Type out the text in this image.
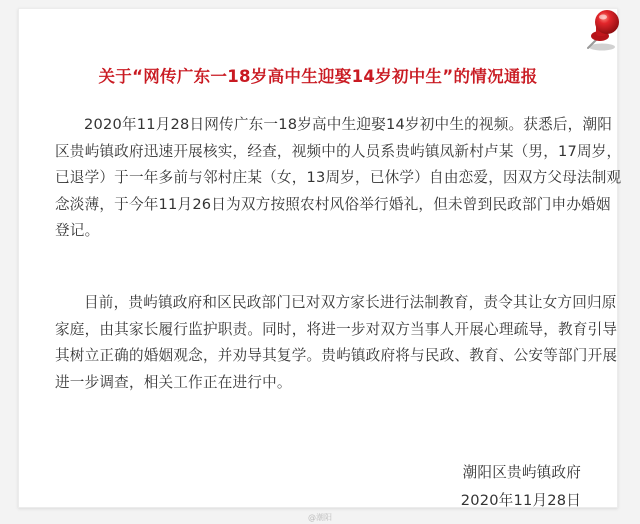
关于“网传广东一18岁高中生迎娶14岁初中生”的情况通报

2020年11月28日网传广东一18岁高中生迎娶14岁初中生的视频。获悉后，潮阳区贵屿镇政府迅速开展核实，经查，视频中的人员系贵屿镇凤新村卢某（男，17周岁，已退学）于一年多前与邻村庄某（女，13周岁，已休学）自由恋爱，因双方父母法制观念淡薄，于今年11月26日为双方按照农村风俗举行婚礼，但未曾到民政部门申办婚姻登记。

目前，贵屿镇政府和区民政部门已对双方家长进行法制教育，责令其让女方回归原家庭，由其家长履行监护职责。同时，将进一步对双方当事人开展心理疏导，教育引导其树立正确的婚姻观念，并劝导其复学。贵屿镇政府将与民政、教育、公安等部门开展进一步调查，相关工作正在进行中。

潮阳区贵屿镇政府
2020年11月28日
@潮阳
